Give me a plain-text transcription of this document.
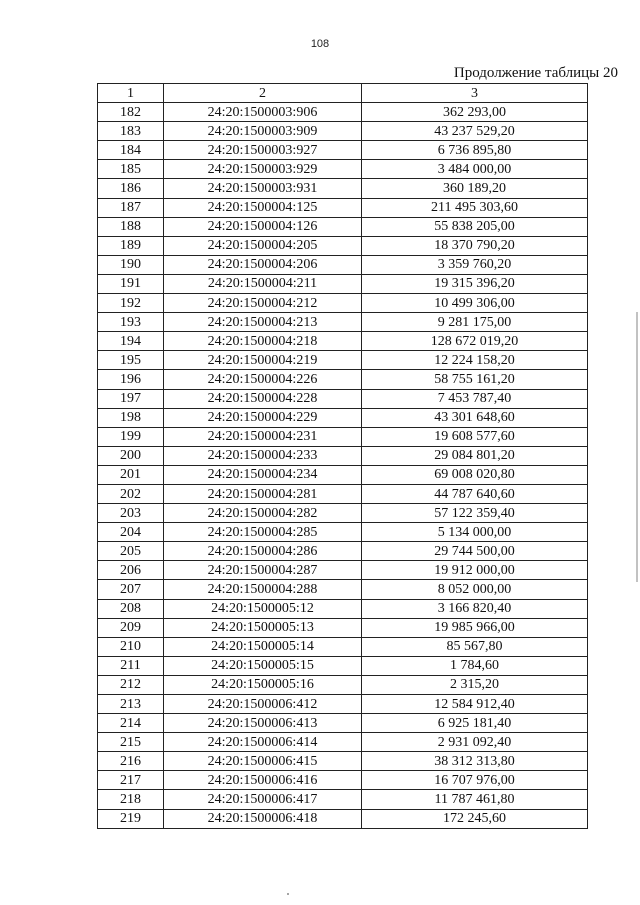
108
Продолжение таблицы 20
1	2	3
182	24:20:1500003:906	362 293,00
183	24:20:1500003:909	43 237 529,20
184	24:20:1500003:927	6 736 895,80
185	24:20:1500003:929	3 484 000,00
186	24:20:1500003:931	360 189,20
187	24:20:1500004:125	211 495 303,60
188	24:20:1500004:126	55 838 205,00
189	24:20:1500004:205	18 370 790,20
190	24:20:1500004:206	3 359 760,20
191	24:20:1500004:211	19 315 396,20
192	24:20:1500004:212	10 499 306,00
193	24:20:1500004:213	9 281 175,00
194	24:20:1500004:218	128 672 019,20
195	24:20:1500004:219	12 224 158,20
196	24:20:1500004:226	58 755 161,20
197	24:20:1500004:228	7 453 787,40
198	24:20:1500004:229	43 301 648,60
199	24:20:1500004:231	19 608 577,60
200	24:20:1500004:233	29 084 801,20
201	24:20:1500004:234	69 008 020,80
202	24:20:1500004:281	44 787 640,60
203	24:20:1500004:282	57 122 359,40
204	24:20:1500004:285	5 134 000,00
205	24:20:1500004:286	29 744 500,00
206	24:20:1500004:287	19 912 000,00
207	24:20:1500004:288	8 052 000,00
208	24:20:1500005:12	3 166 820,40
209	24:20:1500005:13	19 985 966,00
210	24:20:1500005:14	85 567,80
211	24:20:1500005:15	1 784,60
212	24:20:1500005:16	2 315,20
213	24:20:1500006:412	12 584 912,40
214	24:20:1500006:413	6 925 181,40
215	24:20:1500006:414	2 931 092,40
216	24:20:1500006:415	38 312 313,80
217	24:20:1500006:416	16 707 976,00
218	24:20:1500006:417	11 787 461,80
219	24:20:1500006:418	172 245,60
